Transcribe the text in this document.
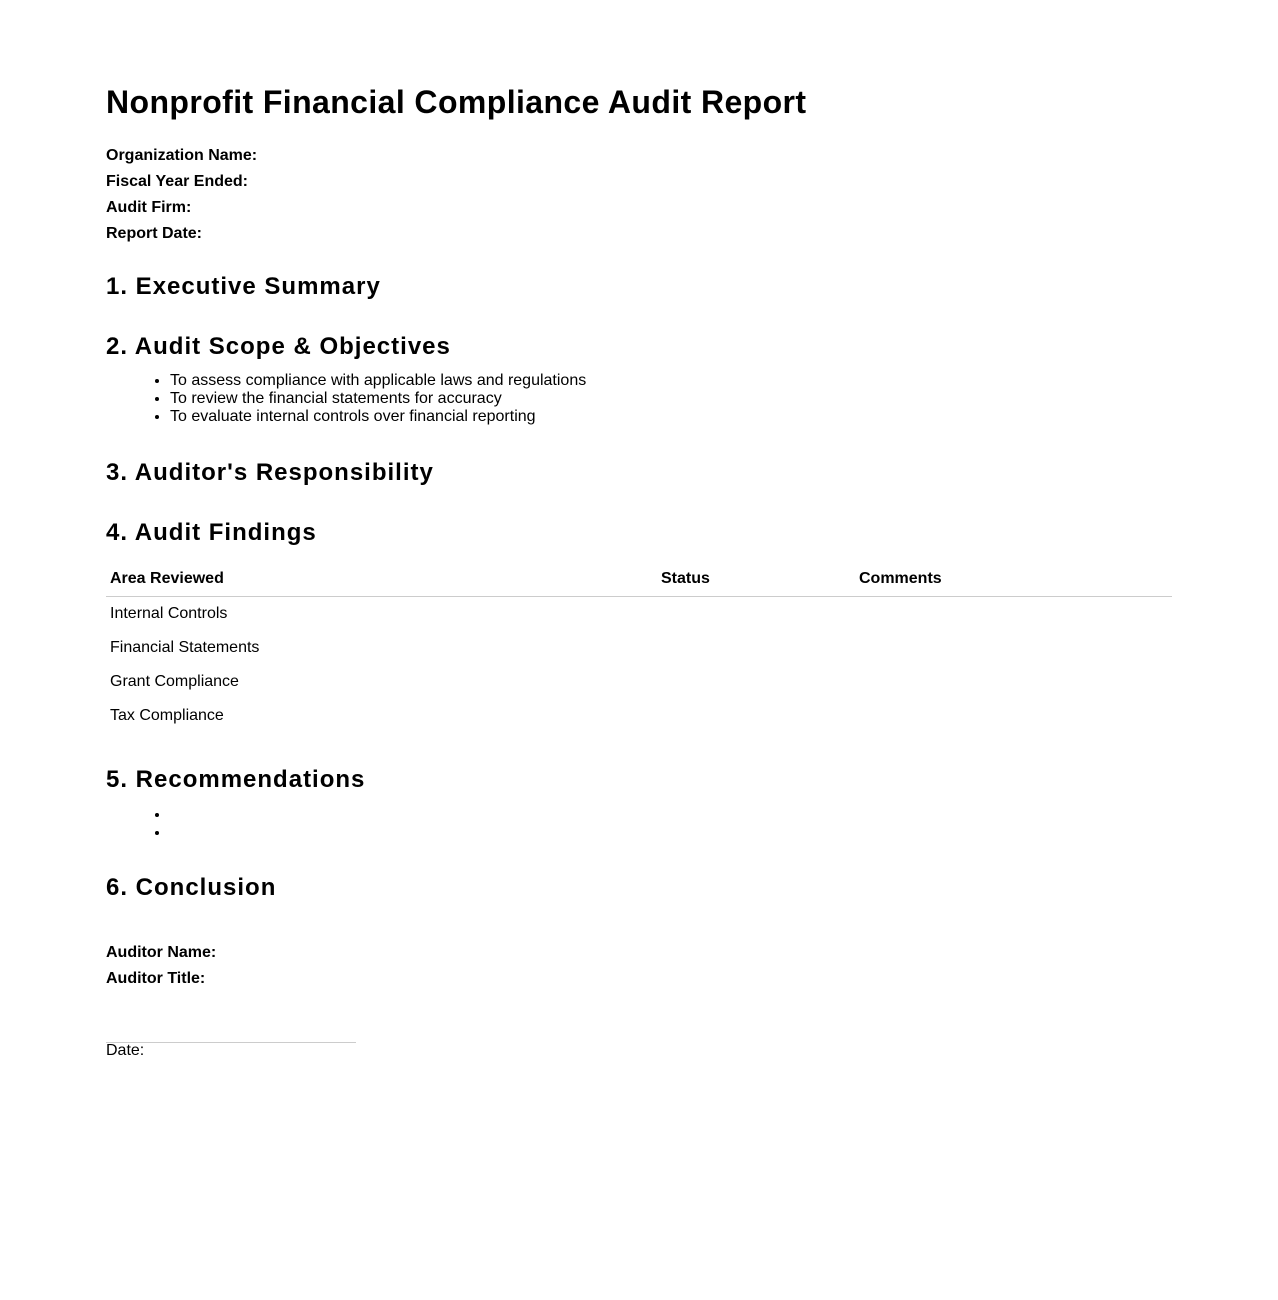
Nonprofit Financial Compliance Audit Report
Organization Name:
Fiscal Year Ended:
Audit Firm:
Report Date:
1. Executive Summary
2. Audit Scope & Objectives
• To assess compliance with applicable laws and regulations
• To review the financial statements for accuracy
• To evaluate internal controls over financial reporting
3. Auditor's Responsibility
4. Audit Findings
Area Reviewed	Status	Comments
Internal Controls		
Financial Statements		
Grant Compliance		
Tax Compliance		
5. Recommendations
6. Conclusion
Auditor Name:
Auditor Title:
Date:
